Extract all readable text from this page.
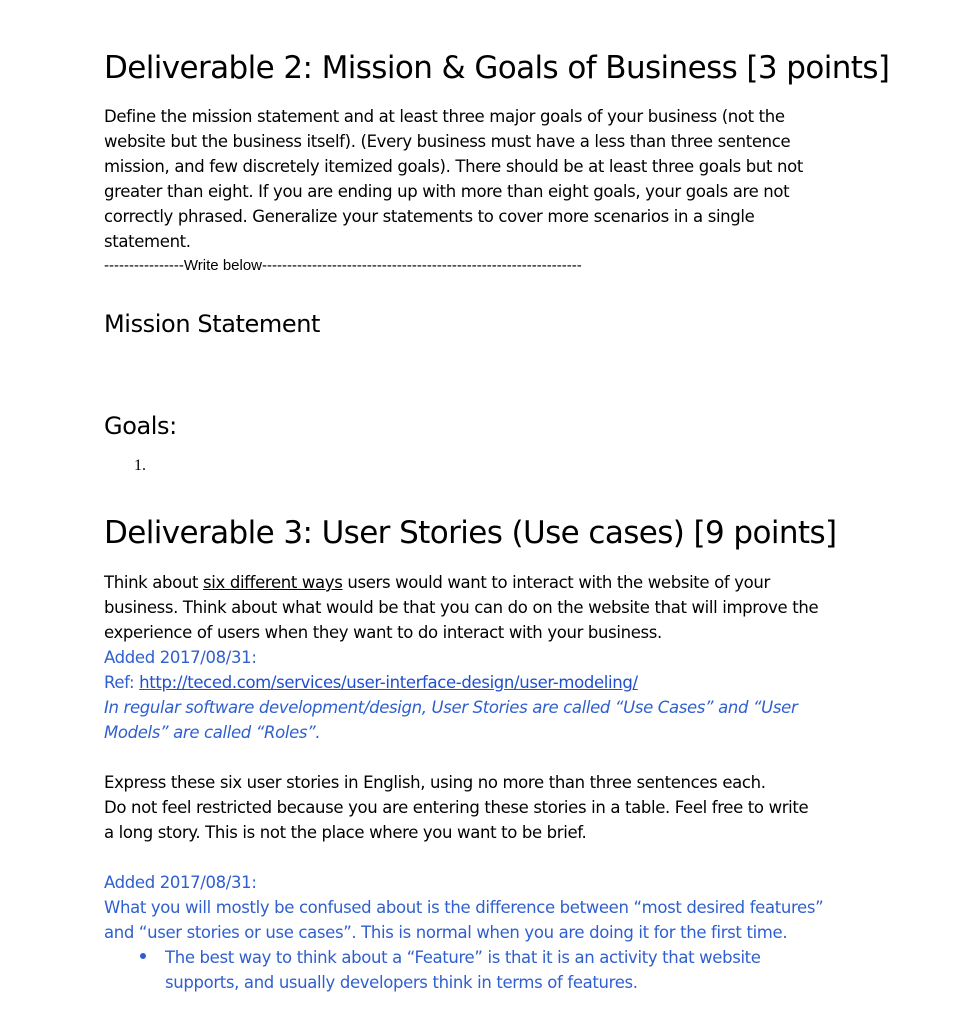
Deliverable 2: Mission & Goals of Business [3 points]
Define the mission statement and at least three major goals of your business (not the
website but the business itself). (Every business must have a less than three sentence
mission, and few discretely itemized goals). There should be at least three goals but not
greater than eight. If you are ending up with more than eight goals, your goals are not
correctly phrased. Generalize your statements to cover more scenarios in a single
statement.
----------------Write below----------------------------------------------------------------
Mission Statement
Goals:
1.
Deliverable 3: User Stories (Use cases) [9 points]
Think about six different ways users would want to interact with the website of your
business. Think about what would be that you can do on the website that will improve the
experience of users when they want to do interact with your business.
Added 2017/08/31:
Ref: http://teced.com/services/user-interface-design/user-modeling/
In regular software development/design, User Stories are called “Use Cases” and “User
Models” are called “Roles”.
Express these six user stories in English, using no more than three sentences each.
Do not feel restricted because you are entering these stories in a table. Feel free to write
a long story. This is not the place where you want to be brief.
Added 2017/08/31:
What you will mostly be confused about is the difference between “most desired features”
and “user stories or use cases”. This is normal when you are doing it for the first time.
The best way to think about a “Feature” is that it is an activity that website
supports, and usually developers think in terms of features.
